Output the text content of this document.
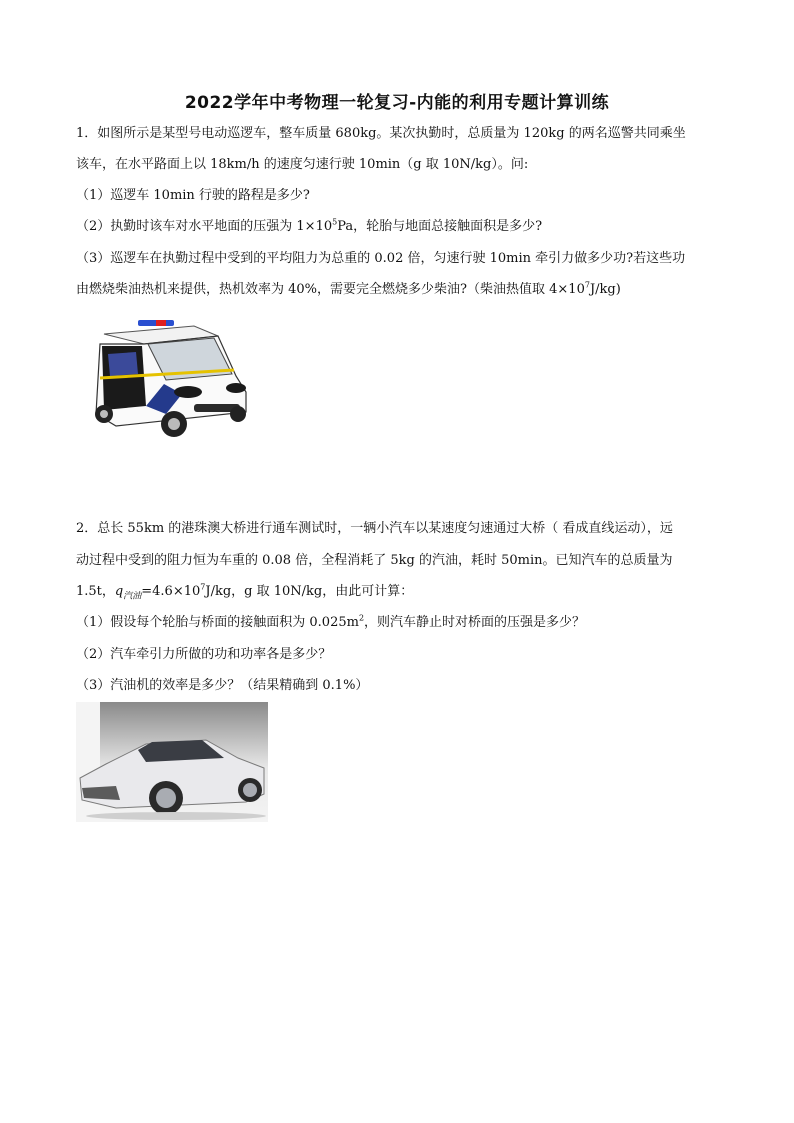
2022学年中考物理一轮复习-内能的利用专题计算训练
1．如图所示是某型号电动巡逻车，整车质量 680kg。某次执勤时，总质量为 120kg 的两名巡警共同乘坐
该车，在水平路面上以 18km/h 的速度匀速行驶 10min（g 取 10N/kg）。问:
（1）巡逻车 10min 行驶的路程是多少?
（2）执勤时该车对水平地面的压强为 $1\times 10^5Pa$，轮胎与地面总接触面积是多少?
（3）巡逻车在执勤过程中受到的平均阻力为总重的 0.02 倍，匀速行驶 10min 牵引力做多少功?若这些功
由燃烧柴油热机来提供，热机效率为 40%，需要完全燃烧多少柴油?（柴油热值取 $4\times 10^7J/kg$)
2．总长 55km 的港珠澳大桥进行通车测试时，一辆小汽车以某速度匀速通过大桥（ 看成直线运动），远
动过程中受到的阻力恒为车重的 0.08 倍，全程消耗了 5kg 的汽油，耗时 50min。已知汽车的总质量为
1.5t，$q_{汽油}=4.6\times 10^7J/kg$，g 取 10N/kg，由此可计算：
（1）假设每个轮胎与桥面的接触面积为 $0.025m^2$，则汽车静止时对桥面的压强是多少？
（2）汽车牵引力所做的功和功率各是多少？
（3）汽油机的效率是多少？（结果精确到 0.1%）
